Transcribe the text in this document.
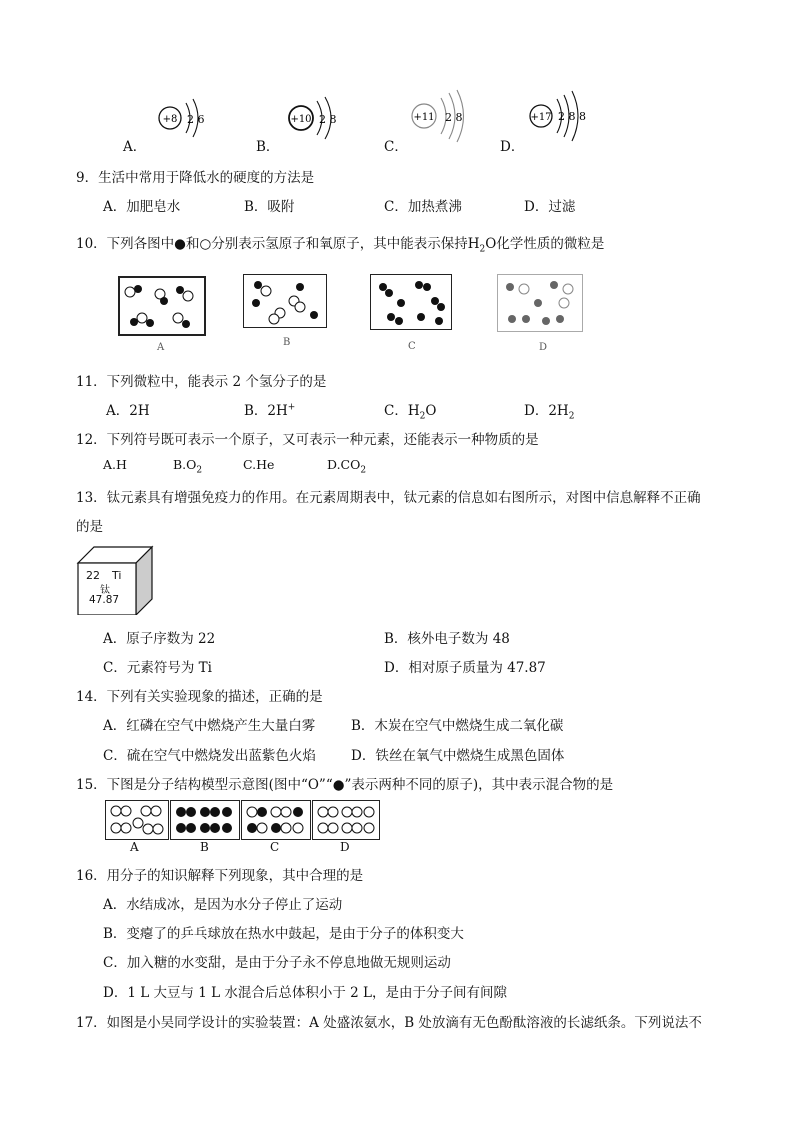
+8 2 6
A．
+10 2 8
B．
+11 2 8
C．
+17 2 8 8
D．
9．生活中常用于降低水的硬度的方法是
A．加肥皂水	B．吸附	C．加热煮沸	D．过滤
10．下列各图中●和○分别表示氢原子和氧原子，其中能表示保持$H_2O$化学性质的微粒是
A	B	C	D
11．下列微粒中，能表示 2 个氢分子的是
A．2H	B．2H+	C．$H_2O$	D．$2H_2$
12．下列符号既可表示一个原子，又可表示一种元素，还能表示一种物质的是
A.H	$B.O_2$	C.He	$D.CO_2$
13．钛元素具有增强免疫力的作用。在元素周期表中，钛元素的信息如右图所示，对图中信息解释不正确
的是
22 Ti
钛
47.87
A．原子序数为 22	B．核外电子数为 48
C．元素符号为 Ti	D．相对原子质量为 47.87
14．下列有关实验现象的描述，正确的是
A．红磷在空气中燃烧产生大量白雾	B．木炭在空气中燃烧生成二氧化碳
C．硫在空气中燃烧发出蓝紫色火焰	D．铁丝在氧气中燃烧生成黑色固体
15．下图是分子结构模型示意图(图中“O”“●”表示两种不同的原子)，其中表示混合物的是
A	B	C	D
16．用分子的知识解释下列现象，其中合理的是
A．水结成冰，是因为水分子停止了运动
B．变瘪了的乒乓球放在热水中鼓起，是由于分子的体积变大
C．加入糖的水变甜，是由于分子永不停息地做无规则运动
D．1 L 大豆与 1 L 水混合后总体积小于 2 L，是由于分子间有间隙
17．如图是小吴同学设计的实验装置：A 处盛浓氨水，B 处放滴有无色酚酞溶液的长滤纸条。下列说法不
